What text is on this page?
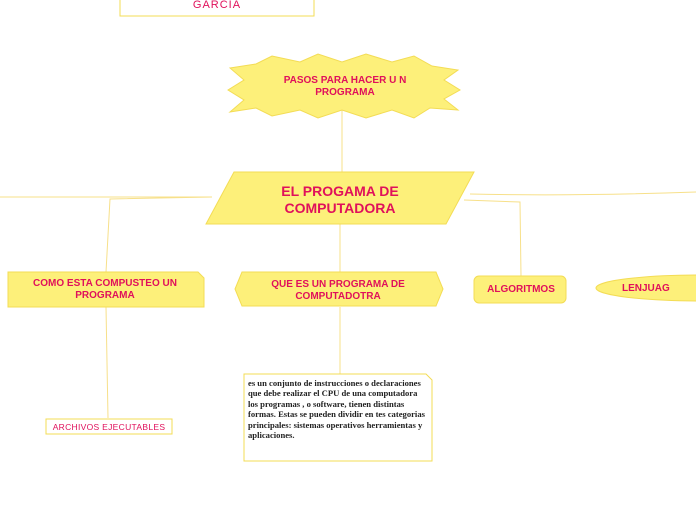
GARCIA
PASOS PARA HACER U N PROGRAMA
EL PROGAMA DE COMPUTADORA
COMO ESTA COMPUSTEO UN PROGRAMA
QUE ES UN PROGRAMA DE COMPUTADOTRA
ALGORITMOS	LENJUAG
ARCHIVOS EJECUTABLES
es un conjunto de instrucciones o declaraciones que debe realizar el CPU de una computadora los programas , o software, tienen distintas formas. Estas se pueden dividir en tes categorias principales: sistemas operativos herramientas y aplicaciones.
